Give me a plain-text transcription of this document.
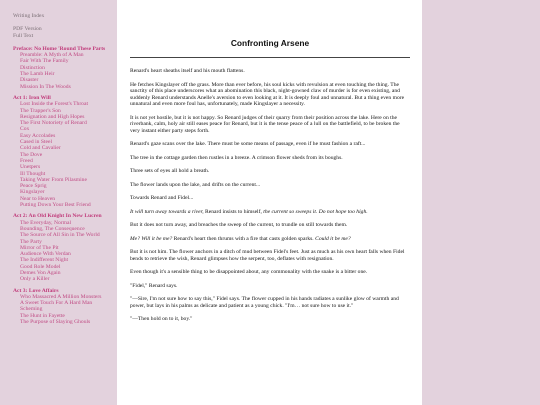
Writing Index
PDF Version
Full Text
Preface: No Home 'Round These Parts
Preamble: A Myth of A Man
Fair With The Family
Distinction
The Lamb Heir
Disaster
Mission In The Woods
Act 1: Iron Will
Lost Inside the Forest's Throat
The Trapper's Son
Resignation and High Hopes
The First Notoriety of Renard
Cox
Easy Accolades
Cased in Steel
Cold and Cavalier
The Dove
Freed
Unetpers
Ill Thought
Taking Water From Pilasmine
Peace Sprig
Kingslayer
Near to Heaven
Putting Down Your Best Friend
Act 2: An Old Knight In New Lucren
The Everyday, Normal
Bounding, The Consequence
The Source of All Sin in The World
The Party
Mirror of The Pit
Audience With Verdan
The Indifferent Night
Good Role Model
Demes Von Again
Only a Killer
Act 3: Love Affairs
Who Massacred A Million Monsters
A Sweet Touch For A Hard Man
Scheming
The Hunt in Fayette
The Purpose of Slaying Ghouls
Confronting Arsene

Renard's heart sheaths itself and his mouth flattens.

He fetches Kingslayer off the grass. More than ever before, his soul kicks with revulsion at even touching the thing. The sanctity of this place underscores what an abomination this black, night-gowned claw of murder is for even existing, and suddenly Renard understands Anelle's aversion to even looking at it. It is deeply foul and unnatural. But a thing even more unnatural and even more foul has, unfortunately, made Kingslayer a necessity.

It is not yet hostile, but it is not happy. So Renard judges of their quarry from their position across the lake. Here on the riverbank, calm, holy air still eases peace for Renard, but it is the tense peace of a lull on the battlefield, to be broken the very instant either party steps forth.

Renard's gaze scans over the lake. There must be some means of passage, even if he must fashion a raft...

The tree in the cottage garden then rustles in a breeze. A crimson flower sheds from its boughs.

Three sets of eyes all hold a breath.

The flower lands upon the lake, and drifts on the current...

Towards Renard and Fidel...

It will turn away towards a river, Renard insists to himself, the current so sweeps it. Do not hope too high.

But it does not turn away, and breaches the sweep of the current, to trundle on still towards them.

Me? Will it be me? Renard's heart then thrums with a fire that casts golden sparks. Could it be me?

But it is not him. The flower anchors in a ditch of mud between Fidel's feet. Just as much as his own heart falls when Fidel bends to retrieve the wish, Renard glimpses how the serpent, too, deflates with resignation.

Even though it's a sensible thing to be disappointed about, any commonality with the snake is a bitter one.

"Fidel," Renard says.

"—Sire, I'm not sure how to say this," Fidel says. The flower cupped in his hands radiates a sunlike glow of warmth and power, but lays in his palms as delicate and patient as a young chick. "I'm… not sure how to use it."

"—Then hold on to it, boy."
